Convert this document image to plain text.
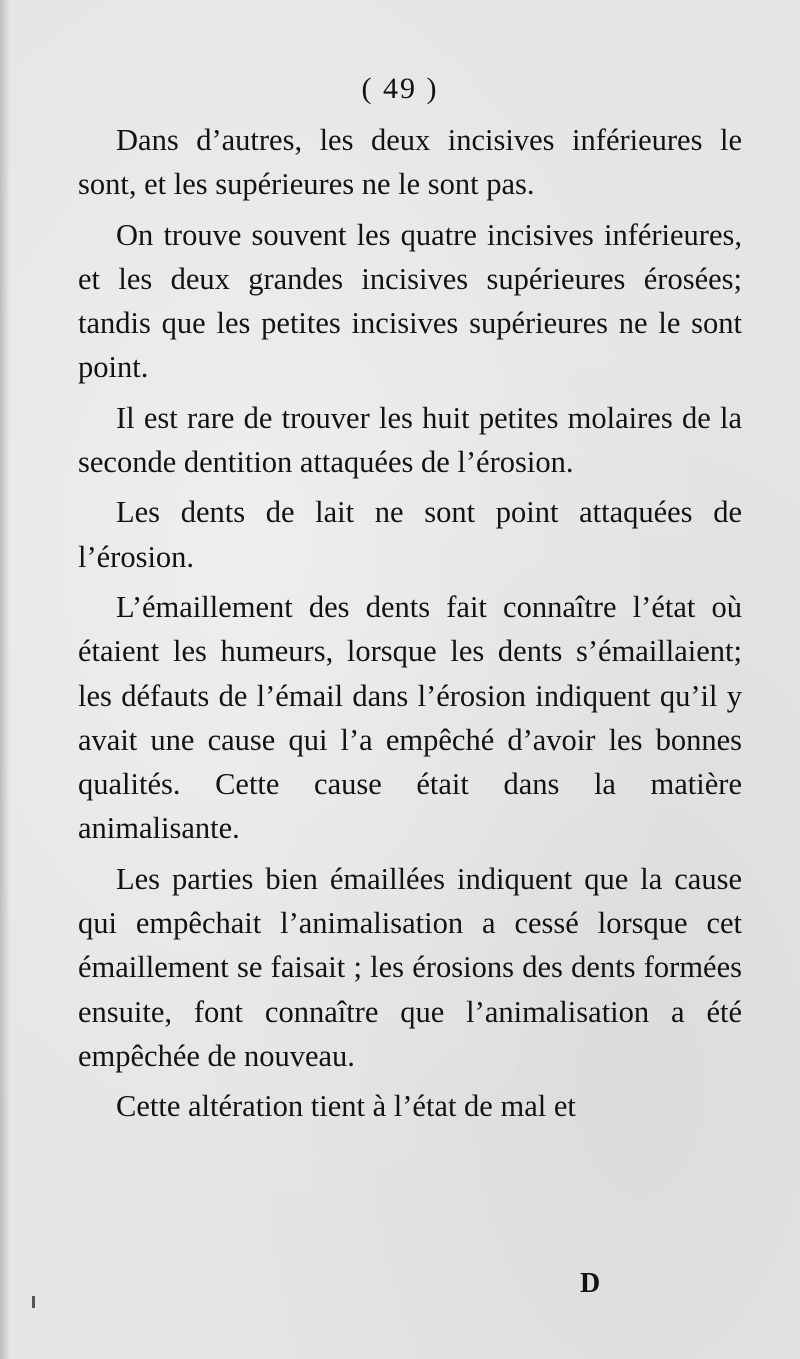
( 49 )

Dans d’autres, les deux incisives inférieures le sont, et les supérieures ne le sont pas.

On trouve souvent les quatre incisives inférieures, et les deux grandes incisives supérieures érosées; tandis que les petites incisives supérieures ne le sont point.

Il est rare de trouver les huit petites molaires de la seconde dentition attaquées de l’érosion.

Les dents de lait ne sont point attaquées de l’érosion.

L’émaillement des dents fait connaître l’état où étaient les humeurs, lorsque les dents s’émaillaient; les défauts de l’émail dans l’érosion indiquent qu’il y avait une cause qui l’a empêché d’avoir les bonnes qualités. Cette cause était dans la matière animalisante.

Les parties bien émaillées indiquent que la cause qui empêchait l’animalisation a cessé lorsque cet émaillement se faisait ; les érosions des dents formées ensuite, font connaître que l’animalisation a été empêchée de nouveau.

Cette altération tient à l’état de mal et

D
